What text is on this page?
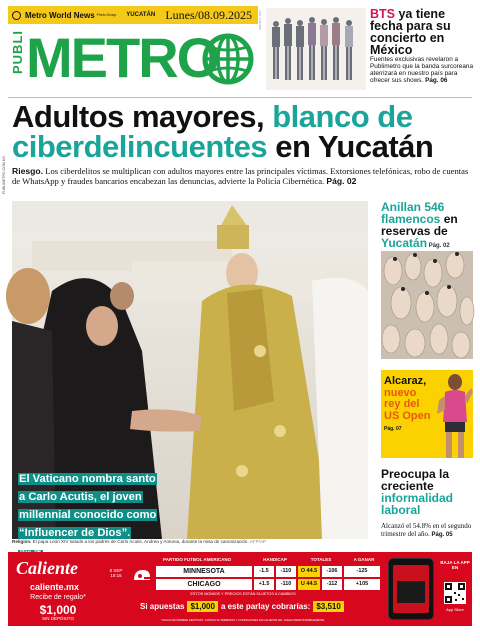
Metro World News Pirelo Group YUCATÁN Lunes/08.09.2025
PUBLI METRO
YUC-YUC-000	BTS ya tiene fecha para su concierto en México
Fuentes exclusivas revelaron a Publimetro que la banda surcoreana aterrizará en nuestro país para ofrecer sus shows. Pág. 06
PUBLIMETRO.COM.MX
Adultos mayores, blanco de ciberdelincuentes en Yucatán
Riesgo. Los ciberdelitos se multiplican con adultos mayores entre las principales víctimas. Extorsiones telefónicas, robo de cuentas de WhatsApp y fraudes bancarios encabezan las denuncias, advierte la Policía Cibernética. Pág. 02
El Vaticano nombra santo
a Carlo Acutis, el joven
millennial conocido como
“Influencer de Dios”.

Religión. El papa León XIV saludó a los padres de Carlo Acutis, Andrea y Antonia, durante la misa de canonización. AFP/AP
Anillan 546 flamencos en reservas de Yucatán Pág. 02
Alcaraz,
nuevo rey del US Open
Pág. 07
Preocupa la creciente informalidad laboral
Alcanzó el 54.8% en el segundo trimestre del año. Pág. 05
Caliente
caliente.mx
Recibe de regalo*
$1,000
SIN DEPÓSITO
8 SEP
19:15
PARTIDO FUTBOL AMERICANO	HANDICAP	TOTALES	A GANAR
MINNESOTA	-1.5	-110	O 44.5	-106	-125
CHICAGO	+1.5	-110	U 44.5	-112	+105
ESTOS MOMIOS Y PRECIOS ESTÁN SUJETOS A CAMBIOS
Si apuestas $1,000 a este parlay cobrarías: $3,510
*APLICA EN PRIMER DEPÓSITO. CONSULTA TÉRMINOS Y CONDICIONES EN CALIENTE.MX. JUEGA RESPONSABLEMENTE.
BAJA LA APP EN
App Store
